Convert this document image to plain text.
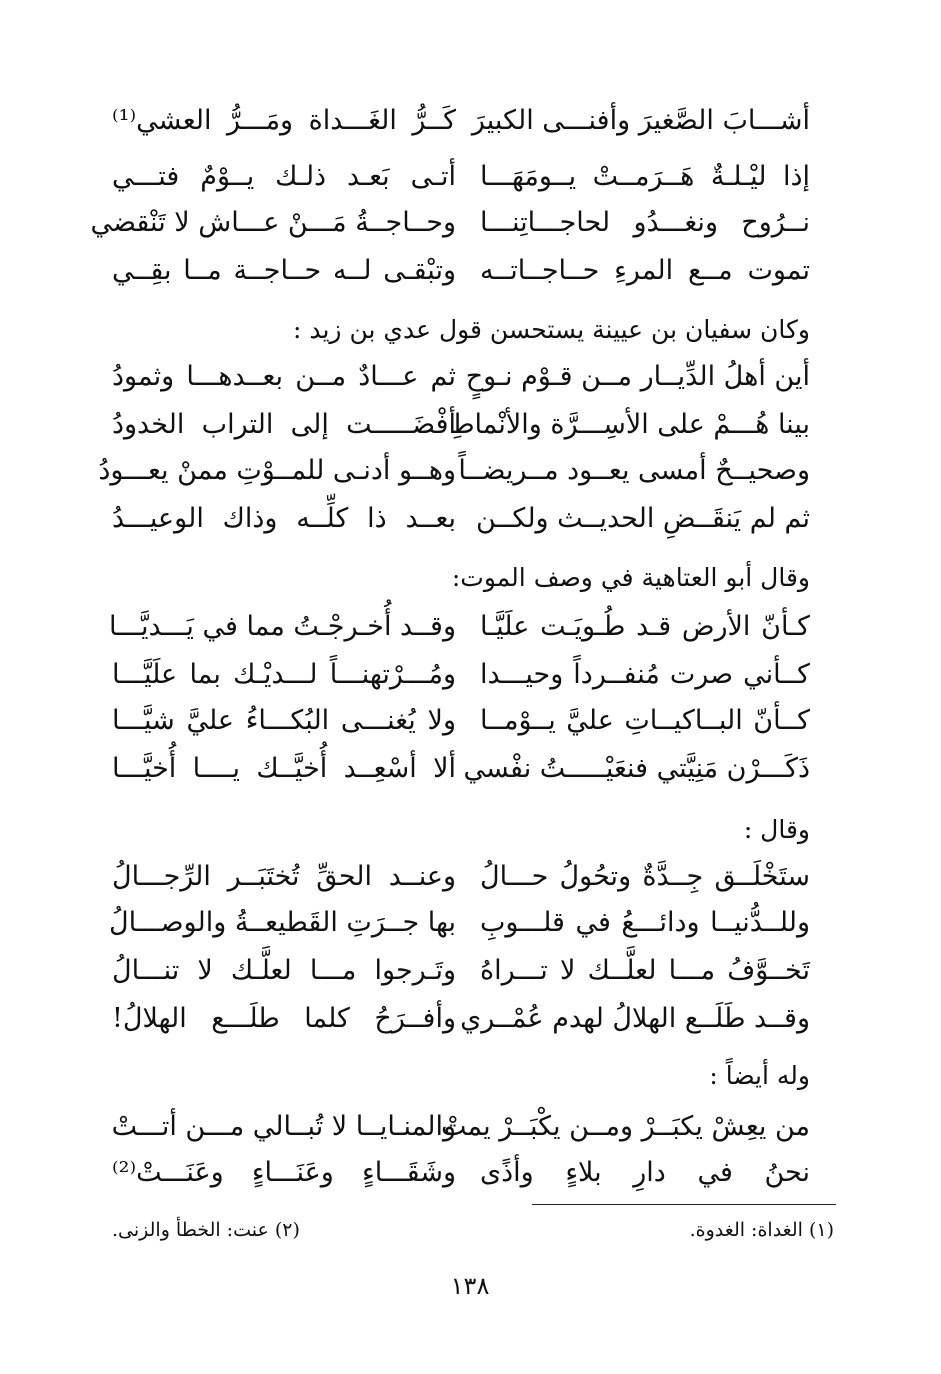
أشـــابَ الصَّغيرَ وأفنـــى الكبيرَ
كَــرُّ الغَـــداة ومَـــرُّ العشي⁽¹⁾
إذا ليْـلـةٌ هَــرَمــتْ يــومَهَـــا
أتـى بَعـد ذلـك يــوْمٌ فتـــي
نــرُوح ونغـــدُو لحاجـــاتِنـــا
وحــاجــةُ مَـــنْ عـــاش لا تَنْقضي
تموت مــع المرءِ حــاجــاتــه
وتبْقـى لــه حــاجــة مــا بقِــي
وكان سفيان بن عيينة يستحسن قول عدي بن زيد :
أين أهلُ الدِّيــار مــن قـوْم نـوحٍ
ثم عـــادٌ مــن بعــدهـــا وثمودُ
بينا هُـــمْ على الأسِـــرَّة والأنْماطِ
أفْضَـــــت إلى التراب الخدودُ
وصحيــحٌ أمسى يعــود مــريضــاً
وهــو أدنـى للمــوْتِ ممنْ يعـــودُ
ثم لم يَنقَــضِ الحديــث ولكــن
بعــد ذا كلِّــه وذاك الوعيـــدُ
وقال أبو العتاهية في وصف الموت:
كـأنّ الأرض قـد طُـويَـت علَيَّـا
وقــد أُخـرجْـتُ مما في يَـــديَّـــا
كــأني صرت مُنفــرداً وحيـــدا
ومُـــرْتهنـــاً لـــديْـك بما علَيَّـــا
كــأنّ البــاكيــاتِ عليَّ يــوْمــا
ولا يُغنـــى البُكـــاءُ عليَّ شيَّـــا
ذَكَـــرْن مَنِيَّتي فنعَيْـــــتُ نفْسي
ألا أسْعِــد أُخيَّــك يــــا أُخيَّـــا
وقال :
ستَخْلَــق جِــدَّةٌ وتحُولُ حـــالُ
وعنــد الحقِّ تُختَبَــر الرِّجـــالُ
وللــدُّنيــا ودائـــعُ في قلـــوبِ
بها جــرَتِ القَطيعــةُ والوصـــالُ
تَخــوَّفُ مـــا لعلَّــك لا تـــراهُ
وتَـرجوا مـــا لعلَّـك لا تنـــالُ
وقــد طَلَــع الهلالُ لهدم عُمْــري
وأفــرَحُ كلما طلَـــع الهلالُ!
وله أيضاً :
من يعِشْ يكبَــرْ ومــن يكْبَــرْ يمتْ
والمنـايــا لا تُبــالي مـــن أتـــتْ
نحنُ في دارِ بلاءٍ وأذًى
وشَقَـــاءٍ وعَنَـــاءٍ وعَنَـــتْ⁽²⁾
(١) الغداة: الغدوة.
(٢) عنت: الخطأ والزنى.
١٣٨
